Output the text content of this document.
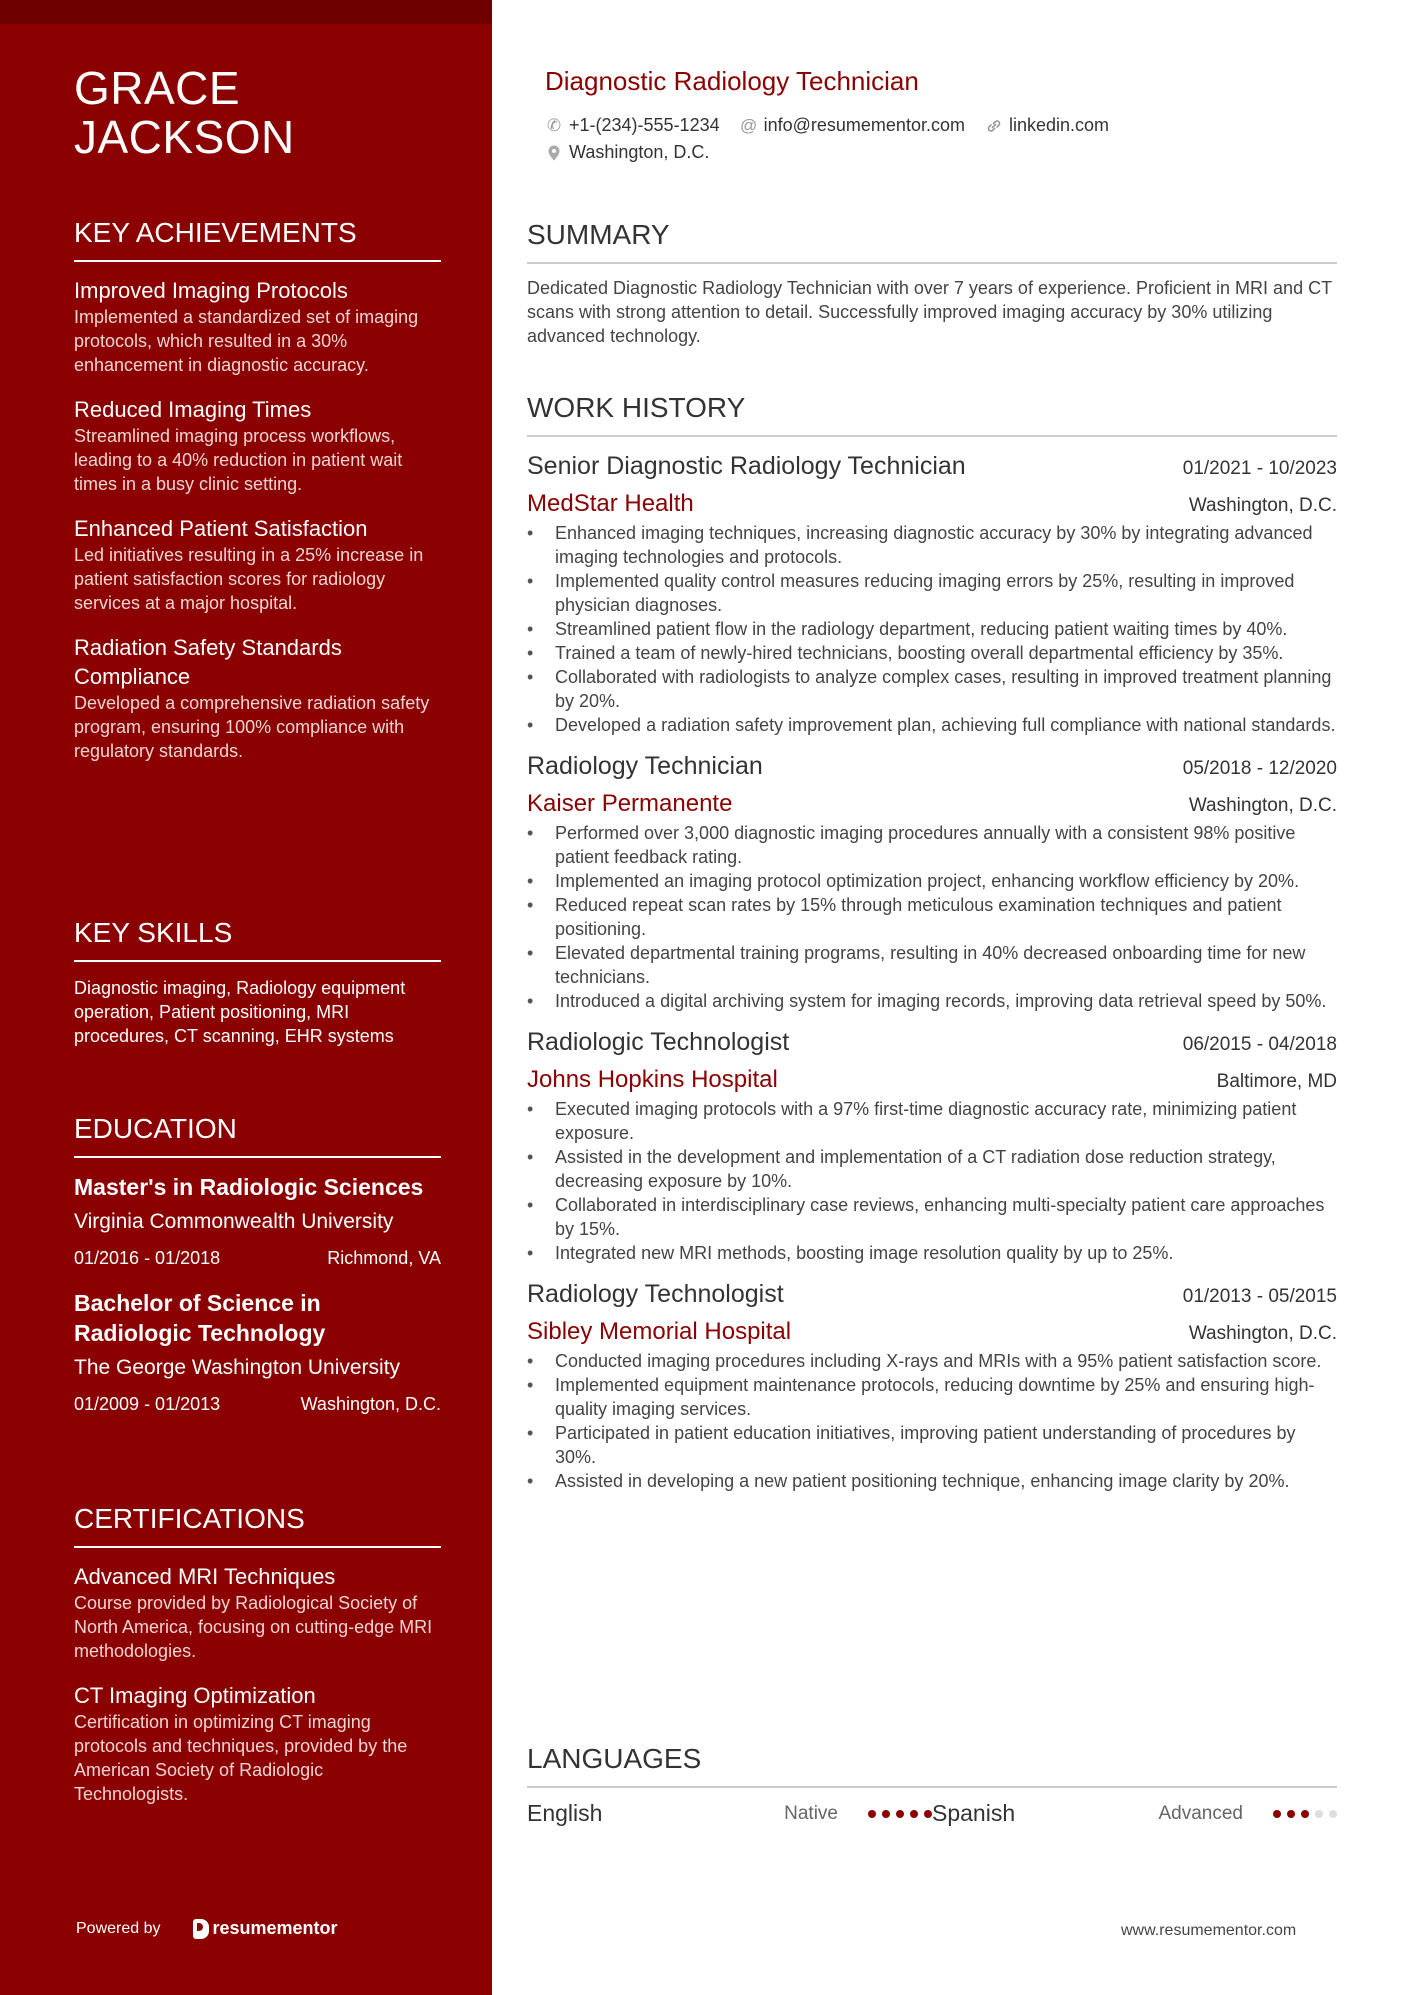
GRACE
JACKSON
KEY ACHIEVEMENTS
Improved Imaging Protocols
Implemented a standardized set of imaging protocols, which resulted in a 30% enhancement in diagnostic accuracy.
Reduced Imaging Times
Streamlined imaging process workflows, leading to a 40% reduction in patient wait times in a busy clinic setting.
Enhanced Patient Satisfaction
Led initiatives resulting in a 25% increase in patient satisfaction scores for radiology services at a major hospital.
Radiation Safety Standards Compliance
Developed a comprehensive radiation safety program, ensuring 100% compliance with regulatory standards.
KEY SKILLS
Diagnostic imaging, Radiology equipment operation, Patient positioning, MRI procedures, CT scanning, EHR systems
EDUCATION
Master's in Radiologic Sciences
Virginia Commonwealth University
01/2016 - 01/2018	Richmond, VA
Bachelor of Science in Radiologic Technology
The George Washington University
01/2009 - 01/2013	Washington, D.C.
CERTIFICATIONS
Advanced MRI Techniques
Course provided by Radiological Society of North America, focusing on cutting-edge MRI methodologies.
CT Imaging Optimization
Certification in optimizing CT imaging protocols and techniques, provided by the American Society of Radiologic Technologists.
Powered by	resumementor
Diagnostic Radiology Technician
✆ +1-(234)-555-1234 @ info@resumementor.com linkedin.com
Washington, D.C.
SUMMARY
Dedicated Diagnostic Radiology Technician with over 7 years of experience. Proficient in MRI and CT scans with strong attention to detail. Successfully improved imaging accuracy by 30% utilizing advanced technology.
WORK HISTORY
Senior Diagnostic Radiology Technician	01/2021 - 10/2023
MedStar Health	Washington, D.C.
• Enhanced imaging techniques, increasing diagnostic accuracy by 30% by integrating advanced imaging technologies and protocols.
• Implemented quality control measures reducing imaging errors by 25%, resulting in improved physician diagnoses.
• Streamlined patient flow in the radiology department, reducing patient waiting times by 40%.
• Trained a team of newly-hired technicians, boosting overall departmental efficiency by 35%.
• Collaborated with radiologists to analyze complex cases, resulting in improved treatment planning by 20%.
• Developed a radiation safety improvement plan, achieving full compliance with national standards.
Radiology Technician	05/2018 - 12/2020
Kaiser Permanente	Washington, D.C.
• Performed over 3,000 diagnostic imaging procedures annually with a consistent 98% positive patient feedback rating.
• Implemented an imaging protocol optimization project, enhancing workflow efficiency by 20%.
• Reduced repeat scan rates by 15% through meticulous examination techniques and patient positioning.
• Elevated departmental training programs, resulting in 40% decreased onboarding time for new technicians.
• Introduced a digital archiving system for imaging records, improving data retrieval speed by 50%.
Radiologic Technologist	06/2015 - 04/2018
Johns Hopkins Hospital	Baltimore, MD
• Executed imaging protocols with a 97% first-time diagnostic accuracy rate, minimizing patient exposure.
• Assisted in the development and implementation of a CT radiation dose reduction strategy, decreasing exposure by 10%.
• Collaborated in interdisciplinary case reviews, enhancing multi-specialty patient care approaches by 15%.
• Integrated new MRI methods, boosting image resolution quality by up to 25%.
Radiology Technologist	01/2013 - 05/2015
Sibley Memorial Hospital	Washington, D.C.
• Conducted imaging procedures including X-rays and MRIs with a 95% patient satisfaction score.
• Implemented equipment maintenance protocols, reducing downtime by 25% and ensuring high-quality imaging services.
• Participated in patient education initiatives, improving patient understanding of procedures by 30%.
• Assisted in developing a new patient positioning technique, enhancing image clarity by 20%.
LANGUAGES
English	Native	Spanish	Advanced
www.resumementor.com
